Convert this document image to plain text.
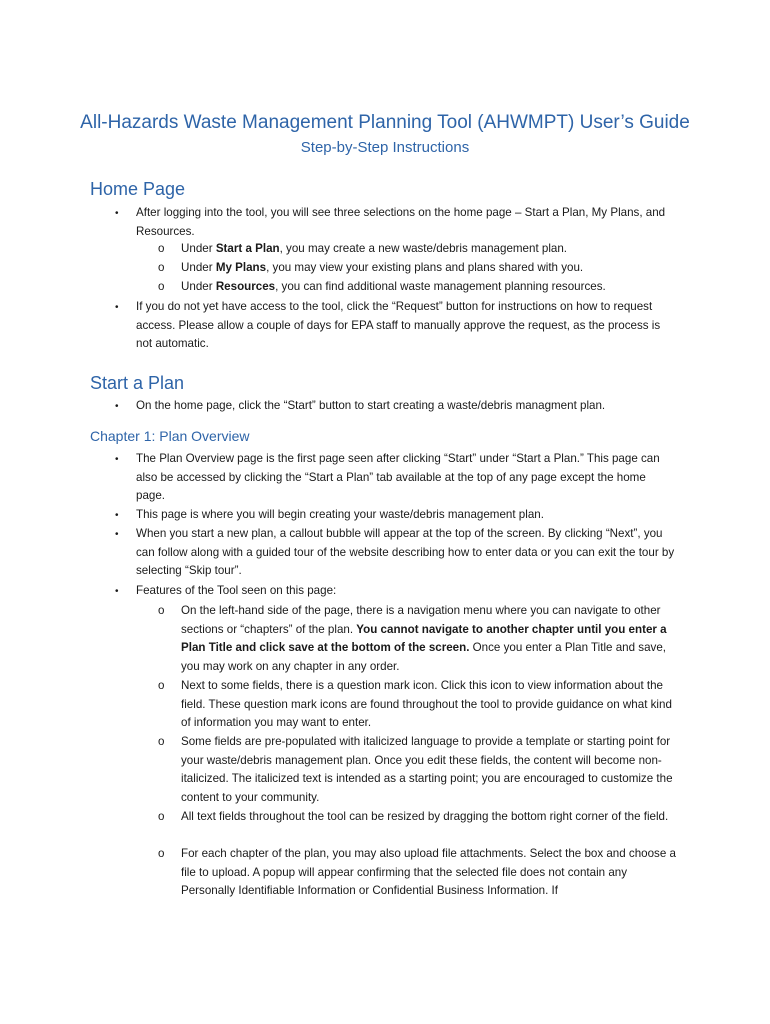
All-Hazards Waste Management Planning Tool (AHWMPT) User’s Guide
Step-by-Step Instructions
Home Page
• After logging into the tool, you will see three selections on the home page – Start a Plan, My Plans, and Resources.
o Under Start a Plan, you may create a new waste/debris management plan.
o Under My Plans, you may view your existing plans and plans shared with you.
o Under Resources, you can find additional waste management planning resources.
• If you do not yet have access to the tool, click the “Request” button for instructions on how to request access. Please allow a couple of days for EPA staff to manually approve the request, as the process is not automatic.
Start a Plan
• On the home page, click the “Start” button to start creating a waste/debris managment plan.
Chapter 1: Plan Overview
• The Plan Overview page is the first page seen after clicking “Start” under “Start a Plan.” This page can also be accessed by clicking the “Start a Plan” tab available at the top of any page except the home page.
• This page is where you will begin creating your waste/debris management plan.
• When you start a new plan, a callout bubble will appear at the top of the screen. By clicking “Next”, you can follow along with a guided tour of the website describing how to enter data or you can exit the tour by selecting “Skip tour”.
• Features of the Tool seen on this page:
o On the left-hand side of the page, there is a navigation menu where you can navigate to other sections or “chapters” of the plan. You cannot navigate to another chapter until you enter a Plan Title and click save at the bottom of the screen. Once you enter a Plan Title and save, you may work on any chapter in any order.
o Next to some fields, there is a question mark icon. Click this icon to view information about the field. These question mark icons are found throughout the tool to provide guidance on what kind of information you may want to enter.
o Some fields are pre-populated with italicized language to provide a template or starting point for your waste/debris management plan. Once you edit these fields, the content will become non-italicized. The italicized text is intended as a starting point; you are encouraged to customize the content to your community.
o All text fields throughout the tool can be resized by dragging the bottom right corner of the field.
o For each chapter of the plan, you may also upload file attachments. Select the box and choose a file to upload. A popup will appear confirming that the selected file does not contain any Personally Identifiable Information or Confidential Business Information. If
